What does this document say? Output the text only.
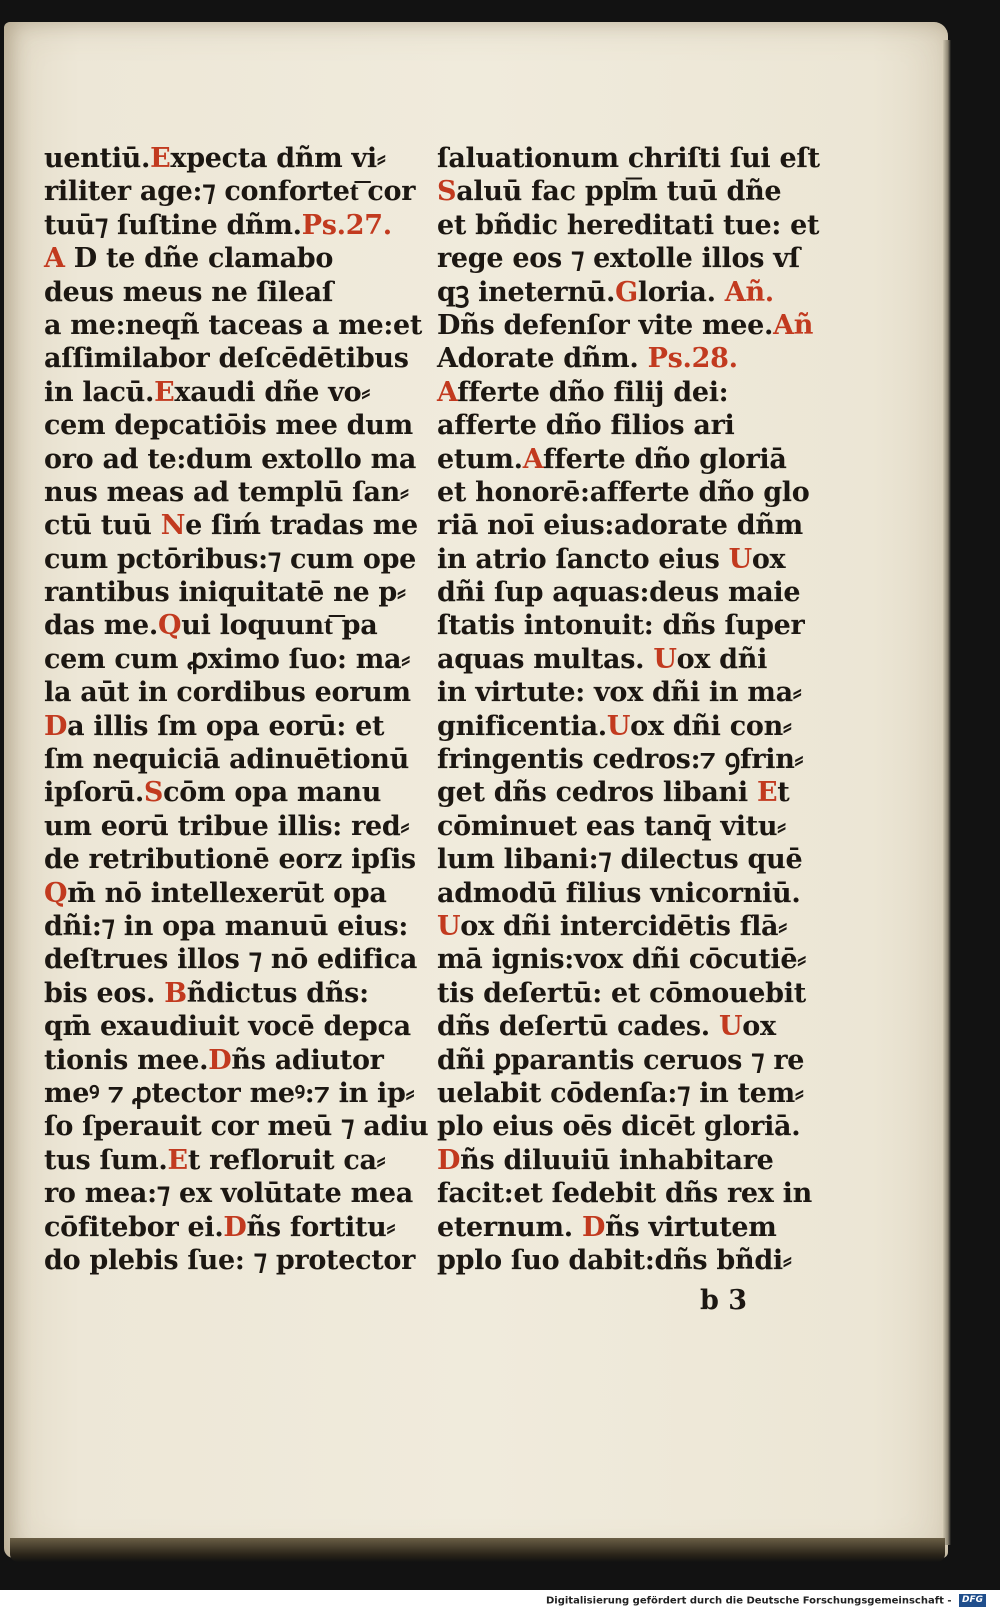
uentiū.Expecta dñm vi⸗
riliter age:⁊ confortet͞ cor
tuū⁊ ſuſtine dñm.Ps.27.
A D te dñe clamabo
deus meus ne ſileaſ
a me:neqñ taceas a me:et
aſſimilabor deſcēdētibus
in lacū.Exaudi dñe vo⸗
cem depcatiōis mee dum
oro ad te:dum extollo ma
nus meas ad templū ſan⸗
ctū tuū Ne ſiḿ tradas me
cum pctōribus:⁊ cum ope
rantibus iniquitatē ne p⸗
das me.Qui loquunt͞ pa
cem cum ꝓximo ſuo: ma⸗
la aūt in cordibus eorum
Da illis ſm opa eorū: et
ſm nequiciā adinuētionū
ipſorū.Scōm opa manu
um eorū tribue illis: red⸗
de retributionē eorz ipſis
Qm̄ nō intellexerūt opa
dñi:⁊ in opa manuū eius:
deſtrues illos ⁊ nō edifica
bis eos. Bñdictus dñs:
qm̄ exaudiuit vocē depca
tionis mee.Dñs adiutor
meꝰ ⁊ ꝓtector meꝰ:⁊ in ip⸗
ſo ſperauit cor meū ⁊ adiu
tus ſum.Et refloruit ca⸗
ro mea:⁊ ex volūtate mea
cōfitebor ei.Dñs fortitu⸗
do plebis ſue: ⁊ protector
ſaluationum chriſti ſui eſt
Saluū fac ppl͞m tuū dñe
et bñdic hereditati tue: et
rege eos ⁊ extolle illos vſ
qꝫ ineternū.Gloria. Añ.
Dñs defenſor vite mee.Añ
Adorate dñm. Ps.28.
Afferte dño filij dei:
afferte dño filios ari
etum.Afferte dño gloriā
et honorē:afferte dño glo
riā noī eius:adorate dñm
in atrio ſancto eius Uox
dñi ſup aquas:deus maie
ſtatis intonuit: dñs ſuper
aquas multas. Uox dñi
in virtute: vox dñi in ma⸗
gnificentia.Uox dñi con⸗
fringentis cedros:⁊ ꝯfrin⸗
get dñs cedros libani Et
cōminuet eas tanq̄ vitu⸗
lum libani:⁊ dilectus quē
admodū filius vnicorniū.
Uox dñi intercidētis flā⸗
mā ignis:vox dñi cōcutiē⸗
tis deſertū: et cōmouebit
dñs deſertū cades. Uox
dñi ꝑparantis ceruos ⁊ re
uelabit cōdenſa:⁊ in tem⸗
plo eius oēs dicēt gloriā.
Dñs diluuiū inhabitare
facit:et ſedebit dñs rex in
eternum. Dñs virtutem
pplo ſuo dabit:dñs bñdi⸗
b 3
Digitalisierung gefördert durch die Deutsche Forschungsgemeinschaft - DFG
